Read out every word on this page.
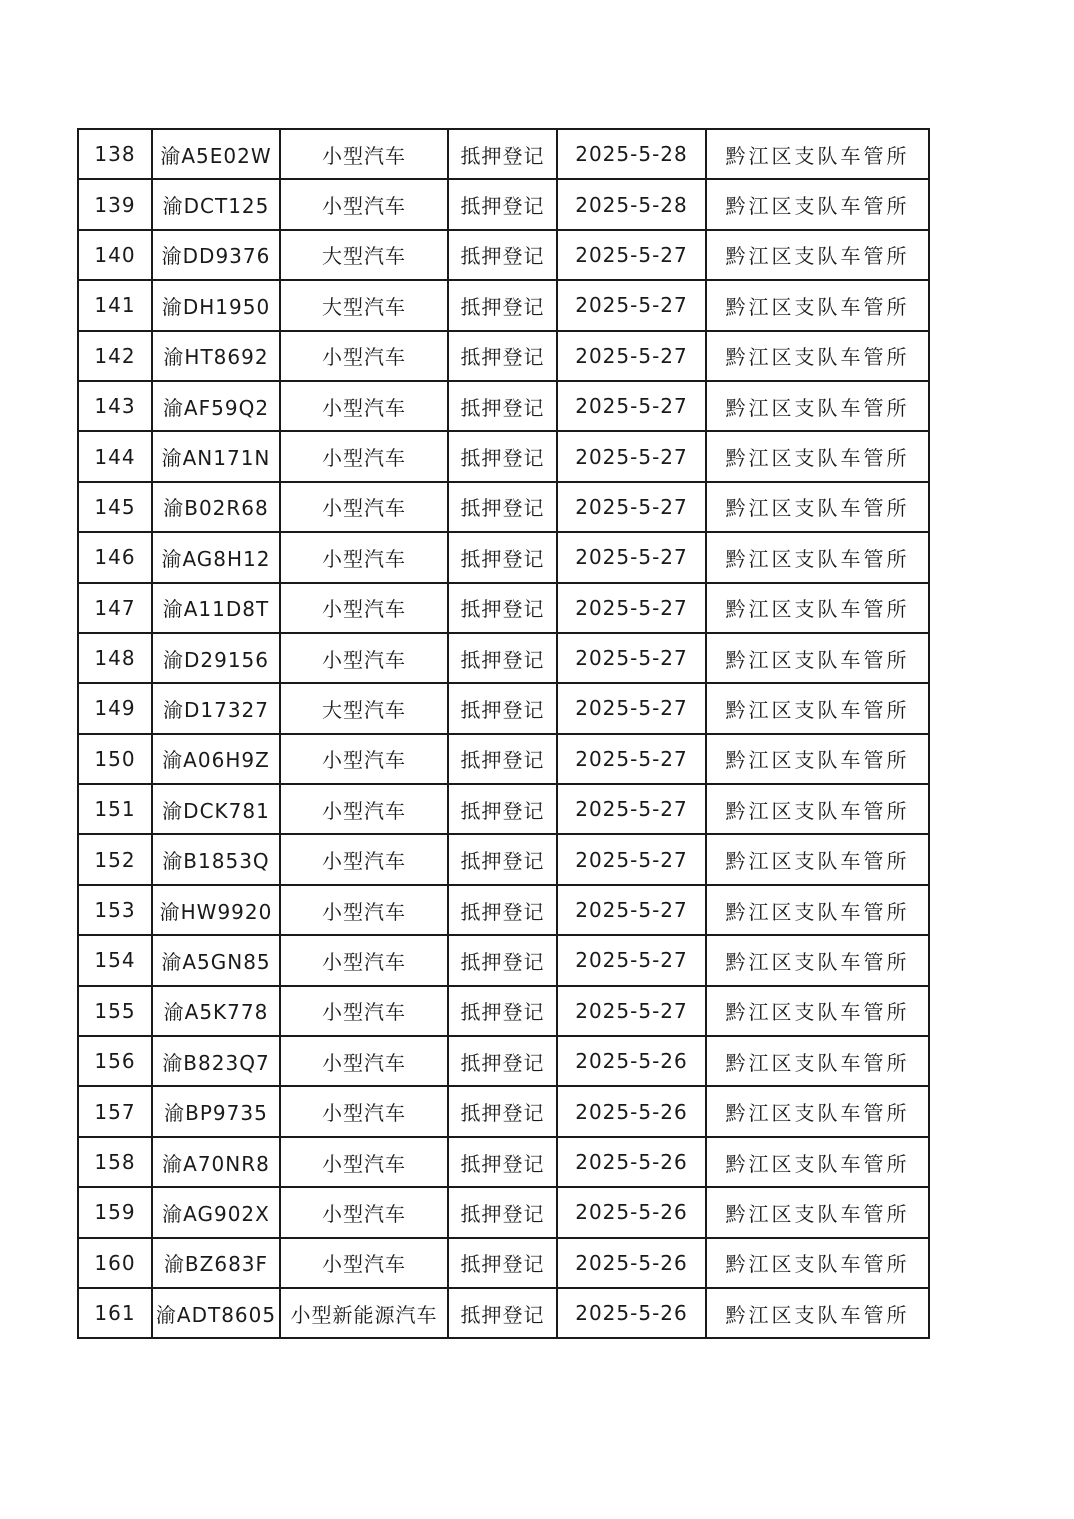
138	渝A5E02W	小型汽车	抵押登记	2025-5-28	黔江区支队车管所
139	渝DCT125	小型汽车	抵押登记	2025-5-28	黔江区支队车管所
140	渝DD9376	大型汽车	抵押登记	2025-5-27	黔江区支队车管所
141	渝DH1950	大型汽车	抵押登记	2025-5-27	黔江区支队车管所
142	渝HT8692	小型汽车	抵押登记	2025-5-27	黔江区支队车管所
143	渝AF59Q2	小型汽车	抵押登记	2025-5-27	黔江区支队车管所
144	渝AN171N	小型汽车	抵押登记	2025-5-27	黔江区支队车管所
145	渝B02R68	小型汽车	抵押登记	2025-5-27	黔江区支队车管所
146	渝AG8H12	小型汽车	抵押登记	2025-5-27	黔江区支队车管所
147	渝A11D8T	小型汽车	抵押登记	2025-5-27	黔江区支队车管所
148	渝D29156	小型汽车	抵押登记	2025-5-27	黔江区支队车管所
149	渝D17327	大型汽车	抵押登记	2025-5-27	黔江区支队车管所
150	渝A06H9Z	小型汽车	抵押登记	2025-5-27	黔江区支队车管所
151	渝DCK781	小型汽车	抵押登记	2025-5-27	黔江区支队车管所
152	渝B1853Q	小型汽车	抵押登记	2025-5-27	黔江区支队车管所
153	渝HW9920	小型汽车	抵押登记	2025-5-27	黔江区支队车管所
154	渝A5GN85	小型汽车	抵押登记	2025-5-27	黔江区支队车管所
155	渝A5K778	小型汽车	抵押登记	2025-5-27	黔江区支队车管所
156	渝B823Q7	小型汽车	抵押登记	2025-5-26	黔江区支队车管所
157	渝BP9735	小型汽车	抵押登记	2025-5-26	黔江区支队车管所
158	渝A70NR8	小型汽车	抵押登记	2025-5-26	黔江区支队车管所
159	渝AG902X	小型汽车	抵押登记	2025-5-26	黔江区支队车管所
160	渝BZ683F	小型汽车	抵押登记	2025-5-26	黔江区支队车管所
161	渝ADT8605	小型新能源汽车	抵押登记	2025-5-26	黔江区支队车管所
